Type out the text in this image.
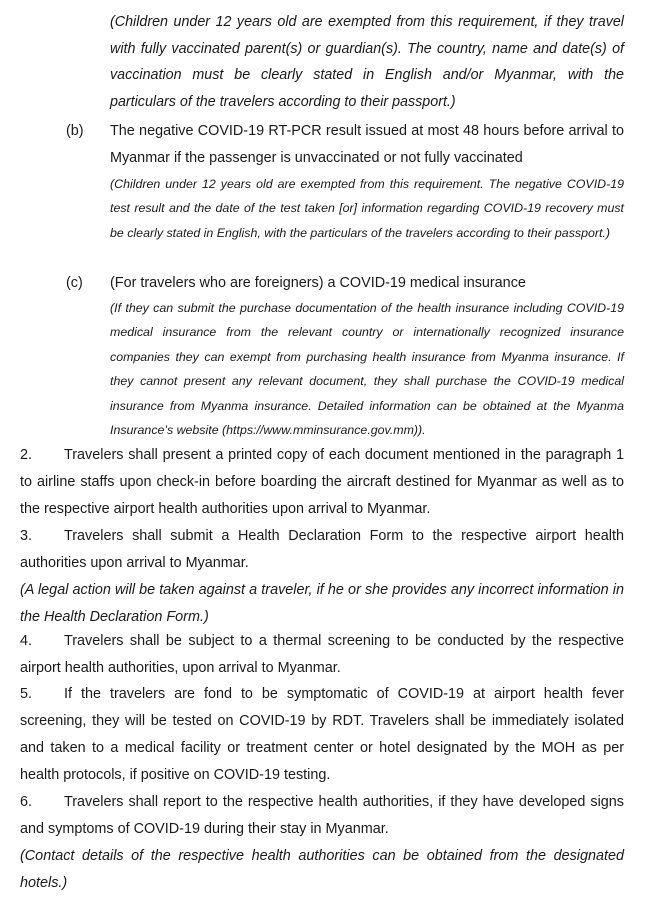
(Children under 12 years old are exempted from this requirement, if they travel with fully vaccinated parent(s) or guardian(s). The country, name and date(s) of vaccination must be clearly stated in English and/or Myanmar, with the particulars of the travelers according to their passport.)
(b) The negative COVID-19 RT-PCR result issued at most 48 hours before arrival to Myanmar if the passenger is unvaccinated or not fully vaccinated
(Children under 12 years old are exempted from this requirement. The negative COVID-19 test result and the date of the test taken [or] information regarding COVID-19 recovery must be clearly stated in English, with the particulars of the travelers according to their passport.)
(c) (For travelers who are foreigners) a COVID-19 medical insurance
(If they can submit the purchase documentation of the health insurance including COVID-19 medical insurance from the relevant country or internationally recognized insurance companies they can exempt from purchasing health insurance from Myanma insurance. If they cannot present any relevant document, they shall purchase the COVID-19 medical insurance from Myanma insurance. Detailed information can be obtained at the Myanma Insurance’s website (https://www.mminsurance.gov.mm)).
2. Travelers shall present a printed copy of each document mentioned in the paragraph 1 to airline staffs upon check-in before boarding the aircraft destined for Myanmar as well as to the respective airport health authorities upon arrival to Myanmar.
3. Travelers shall submit a Health Declaration Form to the respective airport health authorities upon arrival to Myanmar.
(A legal action will be taken against a traveler, if he or she provides any incorrect information in the Health Declaration Form.)
4. Travelers shall be subject to a thermal screening to be conducted by the respective airport health authorities, upon arrival to Myanmar.
5. If the travelers are fond to be symptomatic of COVID-19 at airport health fever screening, they will be tested on COVID-19 by RDT. Travelers shall be immediately isolated and taken to a medical facility or treatment center or hotel designated by the MOH as per health protocols, if positive on COVID-19 testing.
6. Travelers shall report to the respective health authorities, if they have developed signs and symptoms of COVID-19 during their stay in Myanmar.
(Contact details of the respective health authorities can be obtained from the designated hotels.)
